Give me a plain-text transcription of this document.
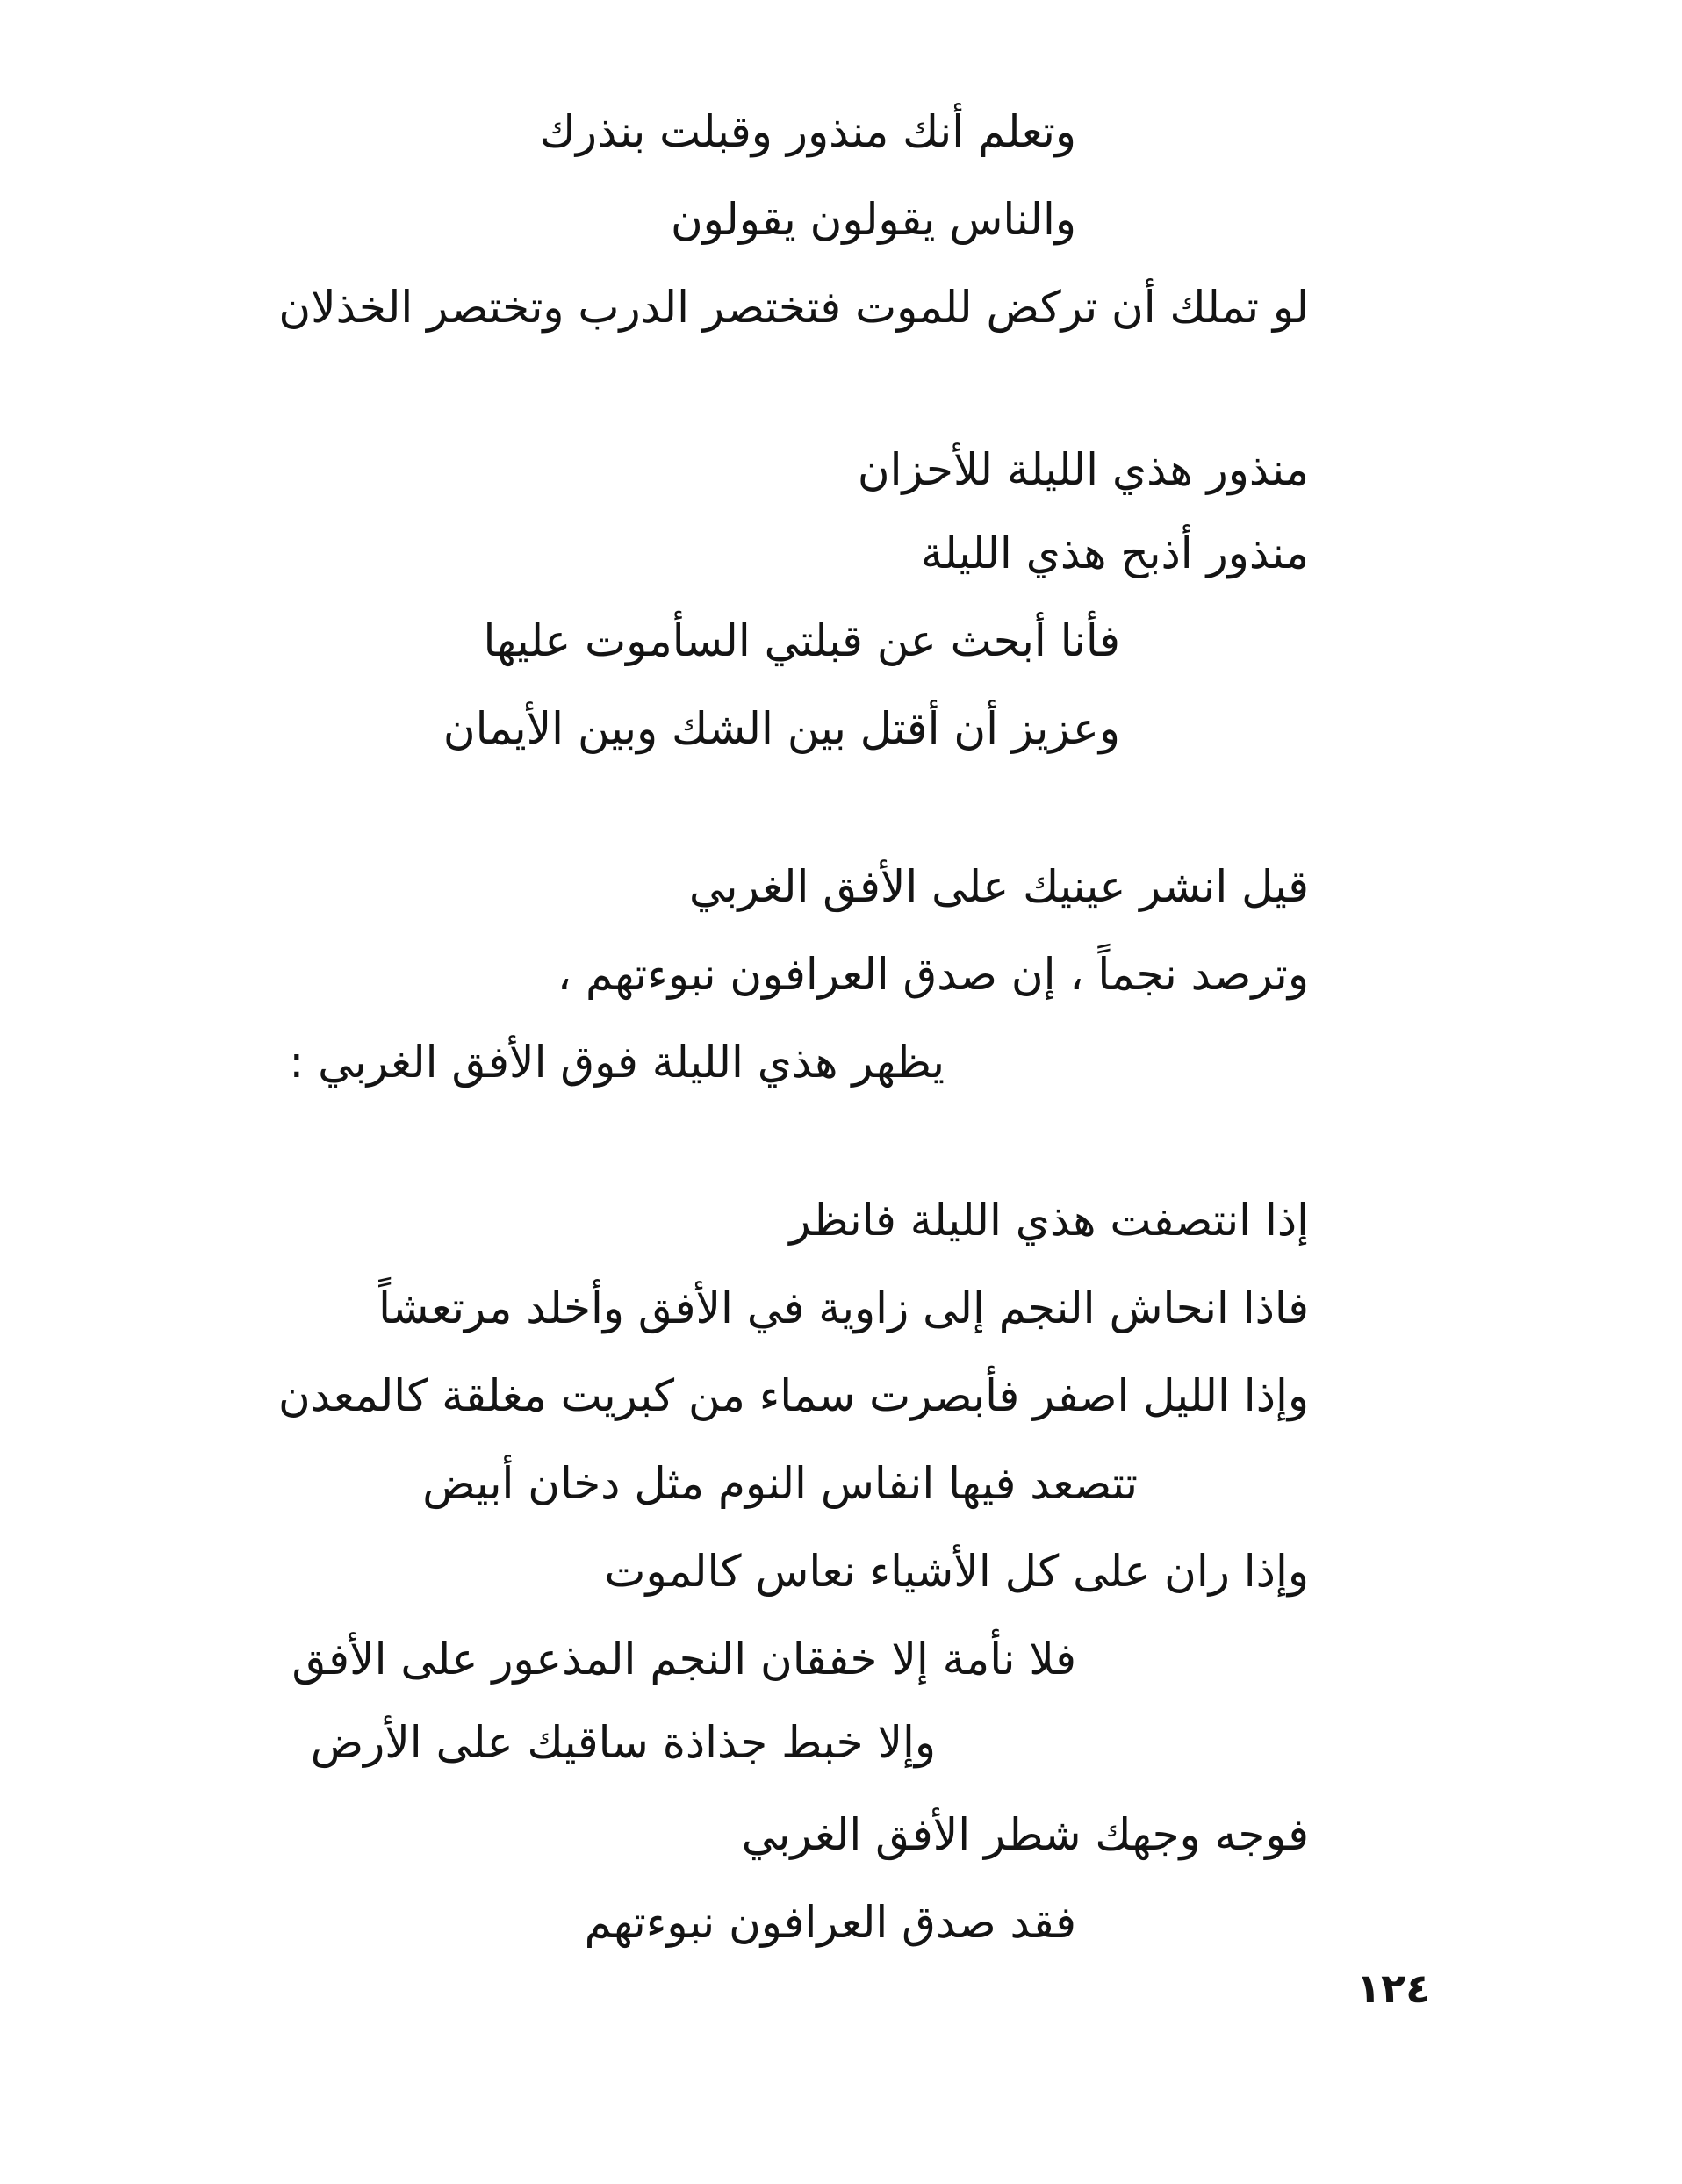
وتعلم أنك منذور وقبلت بنذرك
والناس يقولون يقولون
لو تملك أن تركض للموت فتختصر الدرب وتختصر الخذلان
منذور هذي الليلة للأحزان
منذور أذبح هذي الليلة
فأنا أبحث عن قبلتي السأموت عليها
وعزيز أن أقتل بين الشك وبين الأيمان
قيل انشر عينيك على الأفق الغربي
وترصد نجماً ، إن صدق العرافون نبوءتهم ،
يظهر هذي الليلة فوق الأفق الغربي :
إذا انتصفت هذي الليلة فانظر
فاذا انحاش النجم إلى زاوية في الأفق وأخلد مرتعشاً
وإذا الليل اصفر فأبصرت سماء من كبريت مغلقة كالمعدن
تتصعد فيها انفاس النوم مثل دخان أبيض
وإذا ران على كل الأشياء نعاس كالموت
فلا نأمة إلا خفقان النجم المذعور على الأفق
وإلا خبط جذاذة ساقيك على الأرض
فوجه وجهك شطر الأفق الغربي
فقد صدق العرافون نبوءتهم
١٢٤
